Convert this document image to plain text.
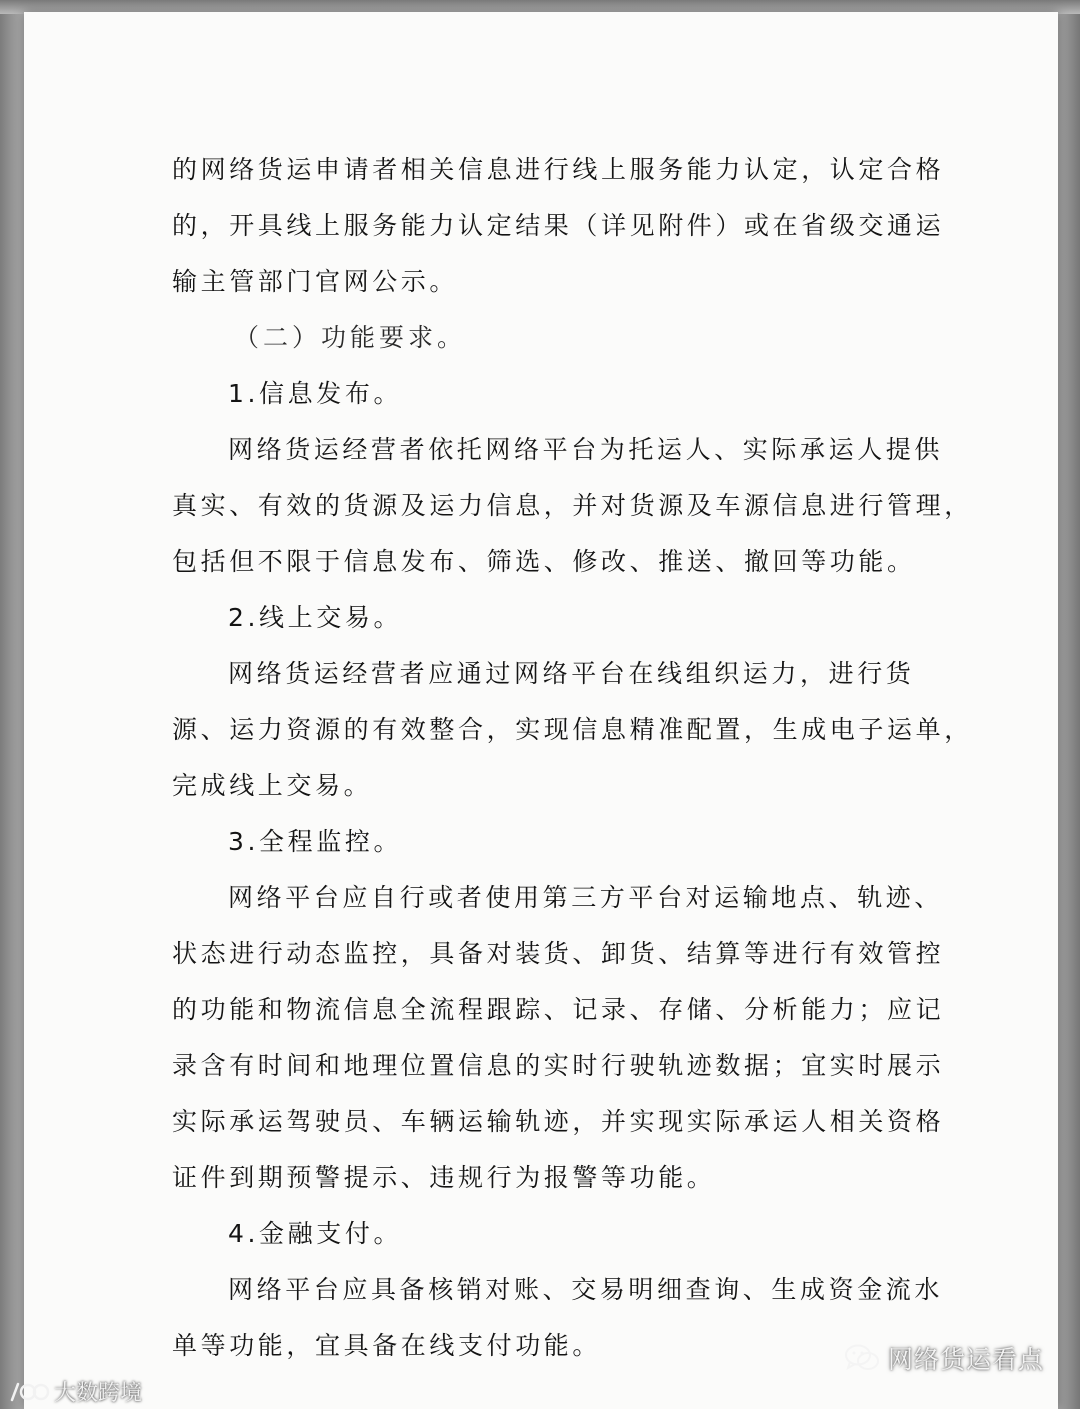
的网络货运申请者相关信息进行线上服务能力认定，认定合格

的，开具线上服务能力认定结果（详见附件）或在省级交通运

输主管部门官网公示。

（二）功能要求。

1.信息发布。

网络货运经营者依托网络平台为托运人、实际承运人提供

真实、有效的货源及运力信息，并对货源及车源信息进行管理，

包括但不限于信息发布、筛选、修改、推送、撤回等功能。

2.线上交易。

网络货运经营者应通过网络平台在线组织运力，进行货

源、运力资源的有效整合，实现信息精准配置，生成电子运单，

完成线上交易。

3.全程监控。

网络平台应自行或者使用第三方平台对运输地点、轨迹、

状态进行动态监控，具备对装货、卸货、结算等进行有效管控

的功能和物流信息全流程跟踪、记录、存储、分析能力；应记

录含有时间和地理位置信息的实时行驶轨迹数据；宜实时展示

实际承运驾驶员、车辆运输轨迹，并实现实际承运人相关资格

证件到期预警提示、违规行为报警等功能。

4.金融支付。

网络平台应具备核销对账、交易明细查询、生成资金流水

单等功能，宜具备在线支付功能。	网络货运看点
大数跨境
